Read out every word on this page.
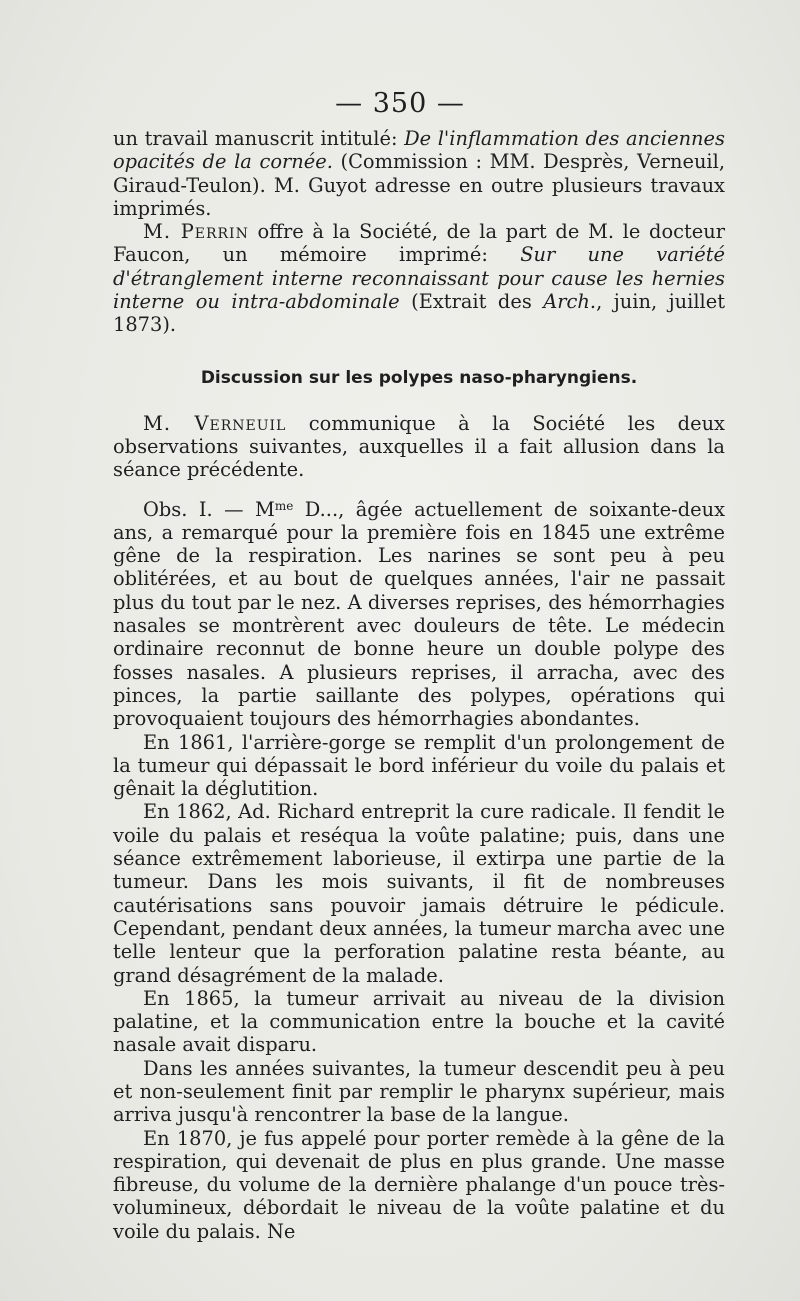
— 350 —

un travail manuscrit intitulé: De l'inflammation des anciennes opacités de la cornée. (Commission : MM. Desprès, Verneuil, Giraud-Teulon). M. Guyot adresse en outre plusieurs travaux imprimés.

M. Perrin offre à la Société, de la part de M. le docteur Faucon, un mémoire imprimé: Sur une variété d'étranglement interne reconnaissant pour cause les hernies interne ou intra-abdominale (Extrait des Arch., juin, juillet 1873).

Discussion sur les polypes naso-pharyngiens.

M. Verneuil communique à la Société les deux observations suivantes, auxquelles il a fait allusion dans la séance précédente.

Obs. I. — $M^{me}$ D..., âgée actuellement de soixante-deux ans, a remarqué pour la première fois en 1845 une extrême gêne de la respiration. Les narines se sont peu à peu oblitérées, et au bout de quelques années, l'air ne passait plus du tout par le nez. A diverses reprises, des hémorrhagies nasales se montrèrent avec douleurs de tête. Le médecin ordinaire reconnut de bonne heure un double polype des fosses nasales. A plusieurs reprises, il arracha, avec des pinces, la partie saillante des polypes, opérations qui provoquaient toujours des hémorrhagies abondantes.

En 1861, l'arrière-gorge se remplit d'un prolongement de la tumeur qui dépassait le bord inférieur du voile du palais et gênait la déglutition.

En 1862, Ad. Richard entreprit la cure radicale. Il fendit le voile du palais et reséqua la voûte palatine; puis, dans une séance extrêmement laborieuse, il extirpa une partie de la tumeur. Dans les mois suivants, il fit de nombreuses cautérisations sans pouvoir jamais détruire le pédicule. Cependant, pendant deux années, la tumeur marcha avec une telle lenteur que la perforation palatine resta béante, au grand désagrément de la malade.

En 1865, la tumeur arrivait au niveau de la division palatine, et la communication entre la bouche et la cavité nasale avait disparu.

Dans les années suivantes, la tumeur descendit peu à peu et non-seulement finit par remplir le pharynx supérieur, mais arriva jusqu'à rencontrer la base de la langue.

En 1870, je fus appelé pour porter remède à la gêne de la respiration, qui devenait de plus en plus grande. Une masse fibreuse, du volume de la dernière phalange d'un pouce très-volumineux, débordait le niveau de la voûte palatine et du voile du palais. Ne
